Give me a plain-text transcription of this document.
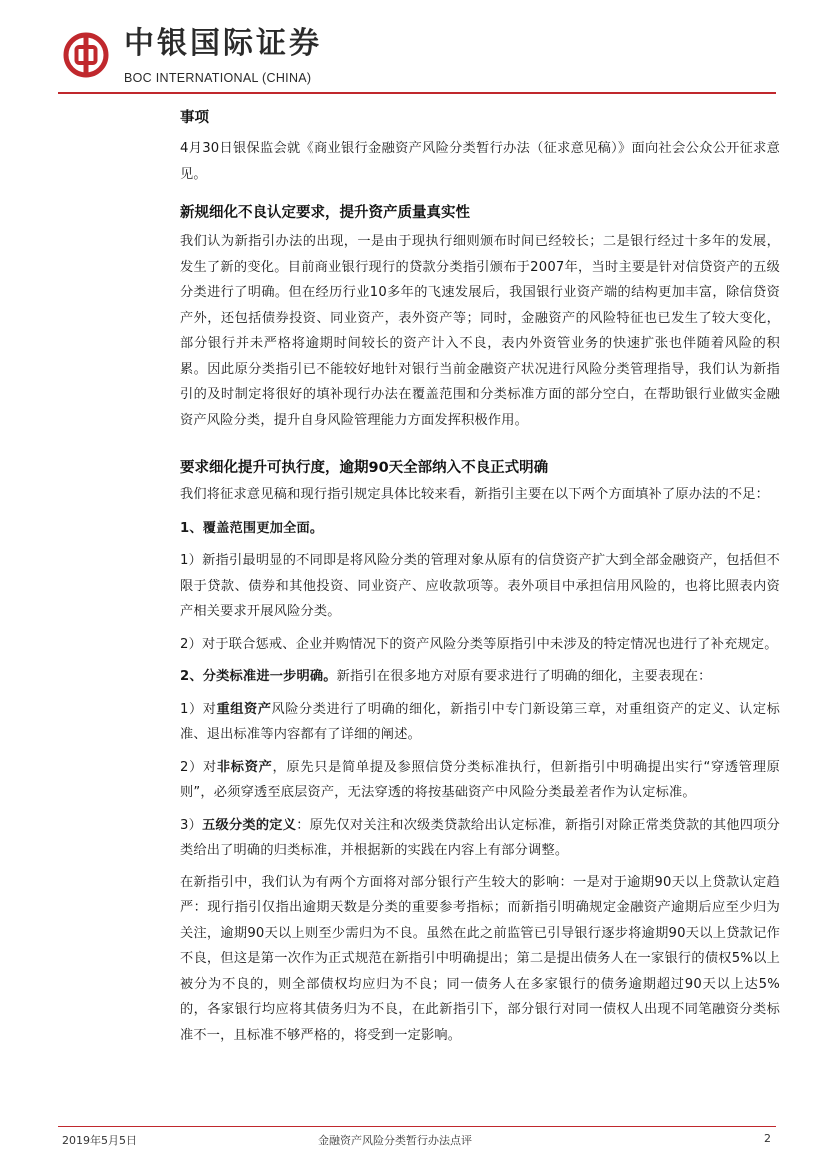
中银国际证券
BOC INTERNATIONAL (CHINA)
事项

4月30日银保监会就《商业银行金融资产风险分类暂行办法（征求意见稿）》面向社会公众公开征求意见。

新规细化不良认定要求，提升资产质量真实性

我们认为新指引办法的出现，一是由于现执行细则颁布时间已经较长；二是银行经过十多年的发展，发生了新的变化。目前商业银行现行的贷款分类指引颁布于2007年，当时主要是针对信贷资产的五级分类进行了明确。但在经历行业10多年的飞速发展后，我国银行业资产端的结构更加丰富，除信贷资产外，还包括债券投资、同业资产，表外资产等；同时，金融资产的风险特征也已发生了较大变化，部分银行并未严格将逾期时间较长的资产计入不良，表内外资管业务的快速扩张也伴随着风险的积累。因此原分类指引已不能较好地针对银行当前金融资产状况进行风险分类管理指导，我们认为新指引的及时制定将很好的填补现行办法在覆盖范围和分类标准方面的部分空白，在帮助银行业做实金融资产风险分类，提升自身风险管理能力方面发挥积极作用。

要求细化提升可执行度，逾期90天全部纳入不良正式明确

我们将征求意见稿和现行指引规定具体比较来看，新指引主要在以下两个方面填补了原办法的不足：

1、覆盖范围更加全面。

1）新指引最明显的不同即是将风险分类的管理对象从原有的信贷资产扩大到全部金融资产，包括但不限于贷款、债券和其他投资、同业资产、应收款项等。表外项目中承担信用风险的，也将比照表内资产相关要求开展风险分类。

2）对于联合惩戒、企业并购情况下的资产风险分类等原指引中未涉及的特定情况也进行了补充规定。

2、分类标准进一步明确。新指引在很多地方对原有要求进行了明确的细化，主要表现在：

1）对重组资产风险分类进行了明确的细化，新指引中专门新设第三章，对重组资产的定义、认定标准、退出标准等内容都有了详细的阐述。

2）对非标资产，原先只是简单提及参照信贷分类标准执行，但新指引中明确提出实行“穿透管理原则”，必须穿透至底层资产，无法穿透的将按基础资产中风险分类最差者作为认定标准。

3）五级分类的定义：原先仅对关注和次级类贷款给出认定标准，新指引对除正常类贷款的其他四项分类给出了明确的归类标准，并根据新的实践在内容上有部分调整。

在新指引中，我们认为有两个方面将对部分银行产生较大的影响：一是对于逾期90天以上贷款认定趋严：现行指引仅指出逾期天数是分类的重要参考指标；而新指引明确规定金融资产逾期后应至少归为关注，逾期90天以上则至少需归为不良。虽然在此之前监管已引导银行逐步将逾期90天以上贷款记作不良，但这是第一次作为正式规范在新指引中明确提出；第二是提出债务人在一家银行的债权5%以上被分为不良的，则全部债权均应归为不良；同一债务人在多家银行的债务逾期超过90天以上达5%的，各家银行均应将其债务归为不良，在此新指引下，部分银行对同一债权人出现不同笔融资分类标准不一，且标准不够严格的，将受到一定影响。

2019年5月5日	金融资产风险分类暂行办法点评	2
